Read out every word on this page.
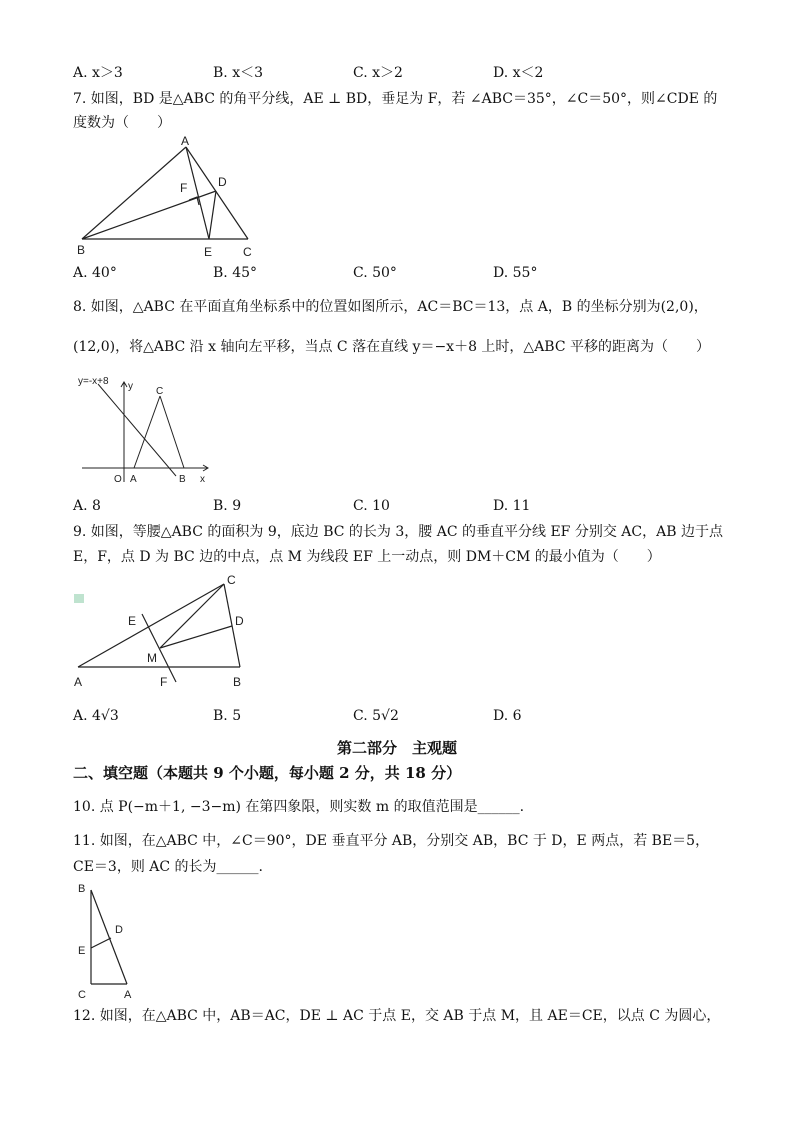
A. x＞3	B. x＜3	C. x＞2	D. x＜2
7. 如图，BD 是△ABC 的角平分线，AE ⊥ BD，垂足为 F，若 ∠ABC＝35°，∠C＝50°，则∠CDE 的
度数为（　　）
A
F	D
B	E	C
A. 40°	B. 45°	C. 50°	D. 55°
8. 如图，△ABC 在平面直角坐标系中的位置如图所示，AC＝BC＝13，点 A，B 的坐标分别为(2,0)，
(12,0)，将△ABC 沿 x 轴向左平移，当点 C 落在直线 y＝−x＋8 上时，△ABC 平移的距离为（　　）
y=-x+8 y C
O A	B x
A. 8	B. 9	C. 10	D. 11
9. 如图，等腰△ABC 的面积为 9，底边 BC 的长为 3，腰 AC 的垂直平分线 EF 分别交 AC，AB 边于点
E，F，点 D 为 BC 边的中点，点 M 为线段 EF 上一动点，则 DM＋CM 的最小值为（　　）
C
E	D
M
A	F	B
A. 4√3	B. 5	C. 5√2	D. 6
第二部分　主观题
二、填空题（本题共 9 个小题，每小题 2 分，共 18 分）
10. 点 P(−m＋1, −3−m) 在第四象限，则实数 m 的取值范围是______.
11. 如图，在△ABC 中，∠C＝90°，DE 垂直平分 AB，分别交 AB，BC 于 D，E 两点，若 BE＝5，
CE＝3，则 AC 的长为______.
B
D
E
C	A
12. 如图，在△ABC 中，AB＝AC，DE ⊥ AC 于点 E，交 AB 于点 M，且 AE＝CE，以点 C 为圆心，
